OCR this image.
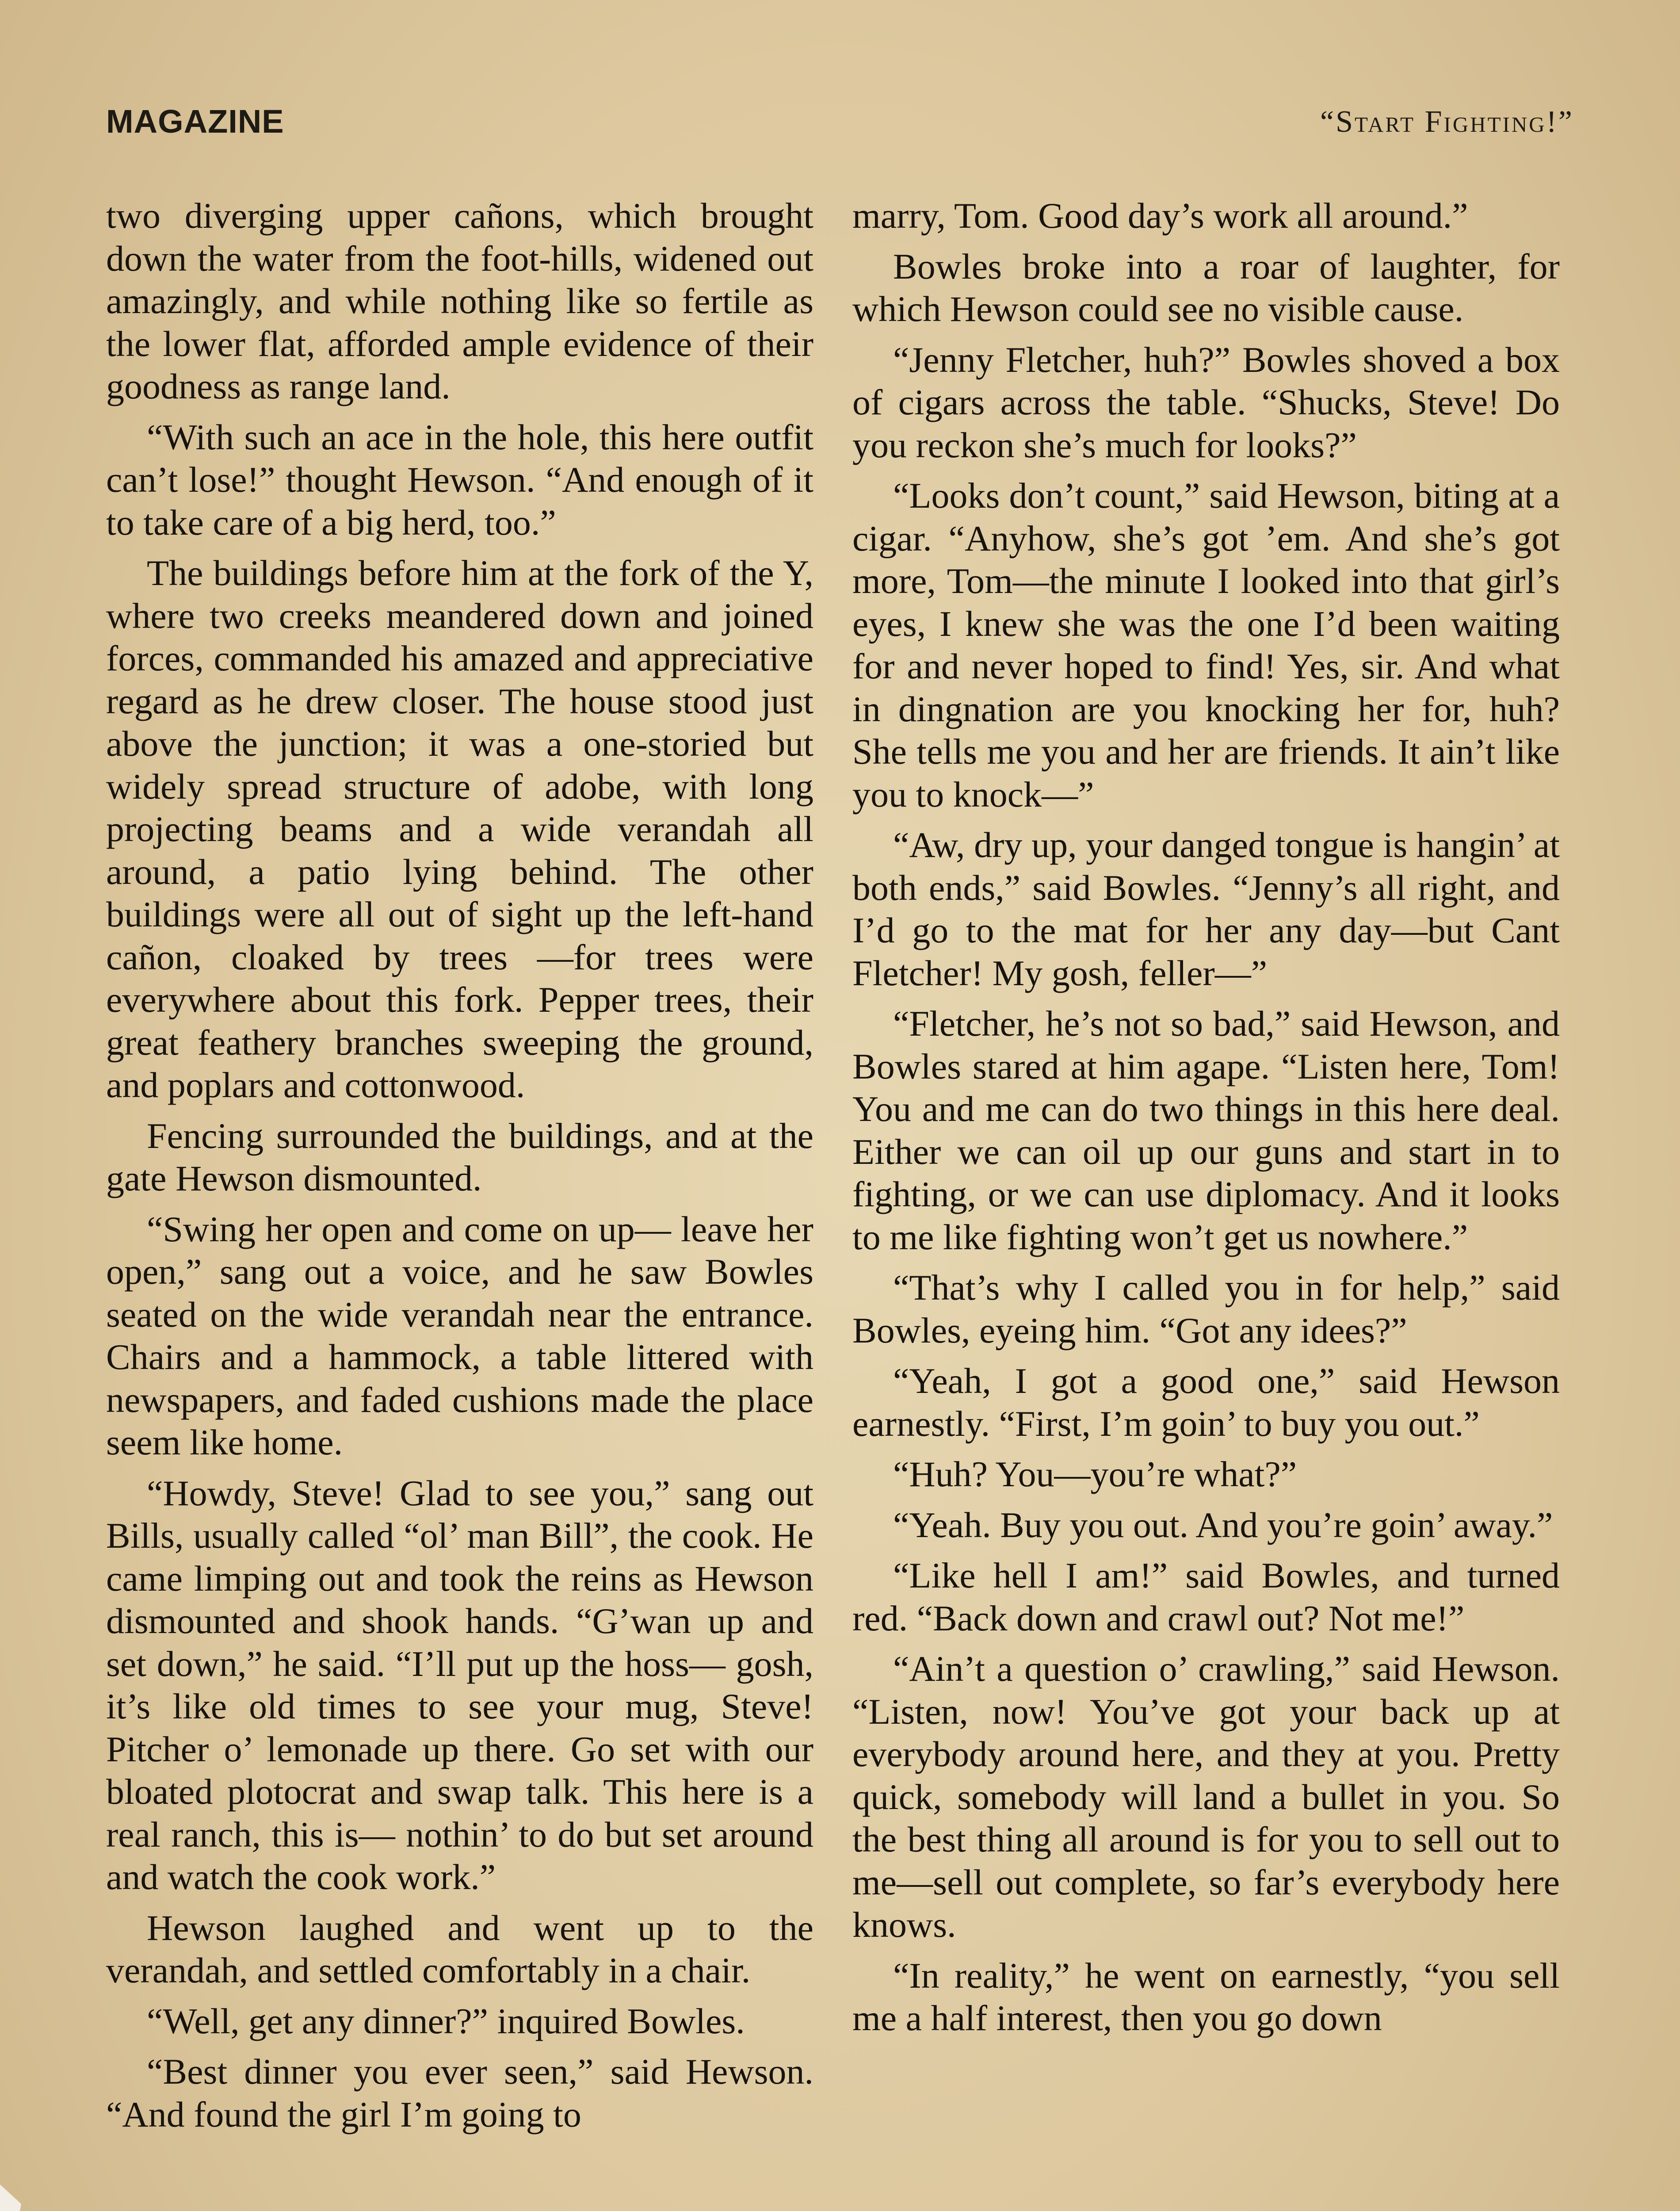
MAGAZINE	“Start Fighting!”

two diverging upper cañons, which brought down the water from the foot-hills, widened out amazingly, and while nothing like so fertile as the lower flat, afforded ample evidence of their goodness as range land.

“With such an ace in the hole, this here outfit can’t lose!” thought Hewson. “And enough of it to take care of a big herd, too.”

The buildings before him at the fork of the Y, where two creeks meandered down and joined forces, commanded his amazed and appreciative regard as he drew closer. The house stood just above the junction; it was a one-storied but widely spread structure of adobe, with long projecting beams and a wide verandah all around, a patio lying behind. The other buildings were all out of sight up the left-hand cañon, cloaked by trees —for trees were everywhere about this fork. Pepper trees, their great feathery branches sweeping the ground, and poplars and cottonwood.

Fencing surrounded the buildings, and at the gate Hewson dismounted.

“Swing her open and come on up— leave her open,” sang out a voice, and he saw Bowles seated on the wide verandah near the entrance. Chairs and a hammock, a table littered with newspapers, and faded cushions made the place seem like home.

“Howdy, Steve! Glad to see you,” sang out Bills, usually called “ol’ man Bill”, the cook. He came limping out and took the reins as Hewson dismounted and shook hands. “G’wan up and set down,” he said. “I’ll put up the hoss— gosh, it’s like old times to see your mug, Steve! Pitcher o’ lemonade up there. Go set with our bloated plotocrat and swap talk. This here is a real ranch, this is— nothin’ to do but set around and watch the cook work.”

Hewson laughed and went up to the verandah, and settled comfortably in a chair.

“Well, get any dinner?” inquired Bowles.

“Best dinner you ever seen,” said Hewson. “And found the girl I’m going to

marry, Tom. Good day’s work all around.”

Bowles broke into a roar of laughter, for which Hewson could see no visible cause.

“Jenny Fletcher, huh?” Bowles shoved a box of cigars across the table. “Shucks, Steve! Do you reckon she’s much for looks?”

“Looks don’t count,” said Hewson, biting at a cigar. “Anyhow, she’s got ’em. And she’s got more, Tom—the minute I looked into that girl’s eyes, I knew she was the one I’d been waiting for and never hoped to find! Yes, sir. And what in dingnation are you knocking her for, huh? She tells me you and her are friends. It ain’t like you to knock—”

“Aw, dry up, your danged tongue is hangin’ at both ends,” said Bowles. “Jenny’s all right, and I’d go to the mat for her any day—but Cant Fletcher! My gosh, feller—”

“Fletcher, he’s not so bad,” said Hewson, and Bowles stared at him agape. “Listen here, Tom! You and me can do two things in this here deal. Either we can oil up our guns and start in to fighting, or we can use diplomacy. And it looks to me like fighting won’t get us nowhere.”

“That’s why I called you in for help,” said Bowles, eyeing him. “Got any idees?”

“Yeah, I got a good one,” said Hewson earnestly. “First, I’m goin’ to buy you out.”

“Huh? You—you’re what?”

“Yeah. Buy you out. And you’re goin’ away.”

“Like hell I am!” said Bowles, and turned red. “Back down and crawl out? Not me!”

“Ain’t a question o’ crawling,” said Hewson. “Listen, now! You’ve got your back up at everybody around here, and they at you. Pretty quick, somebody will land a bullet in you. So the best thing all around is for you to sell out to me—sell out complete, so far’s everybody here knows.

“In reality,” he went on earnestly, “you sell me a half interest, then you go down
